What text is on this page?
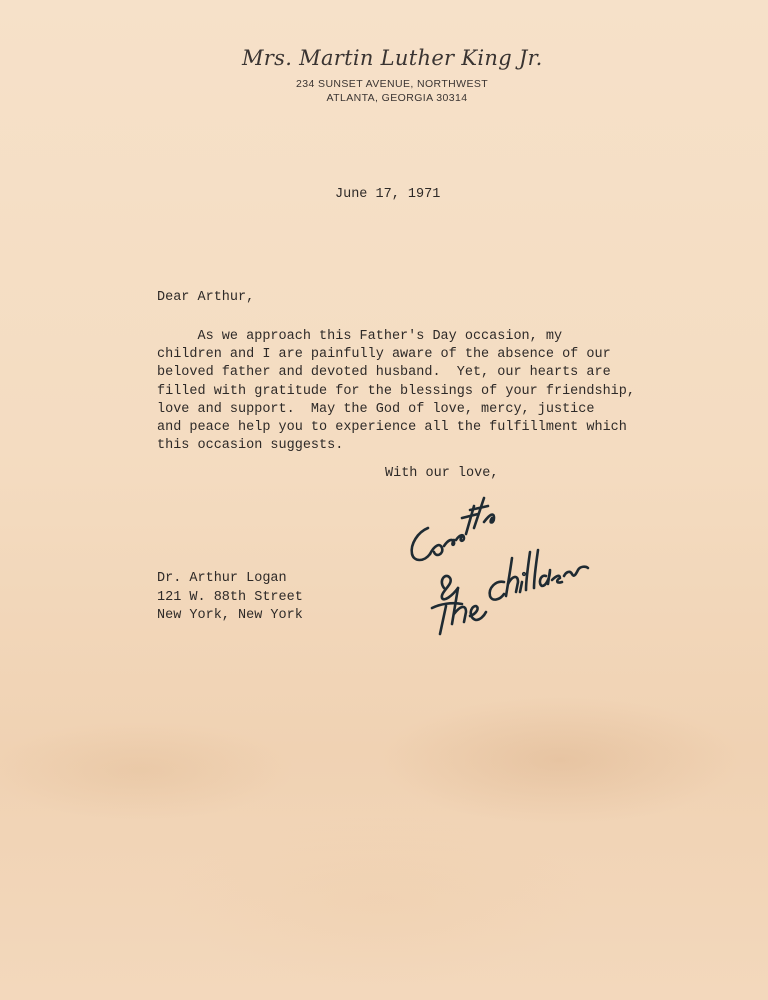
Mrs. Martin Luther King Jr.
234 SUNSET AVENUE, NORTHWEST
ATLANTA, GEORGIA 30314
June 17, 1971
Dear Arthur,
As we approach this Father's Day occasion, my
children and I are painfully aware of the absence of our
beloved father and devoted husband.  Yet, our hearts are
filled with gratitude for the blessings of your friendship,
love and support.  May the God of love, mercy, justice
and peace help you to experience all the fulfillment which
this occasion suggests.
With our love,
Dr. Arthur Logan
121 W. 88th Street
New York, New York
